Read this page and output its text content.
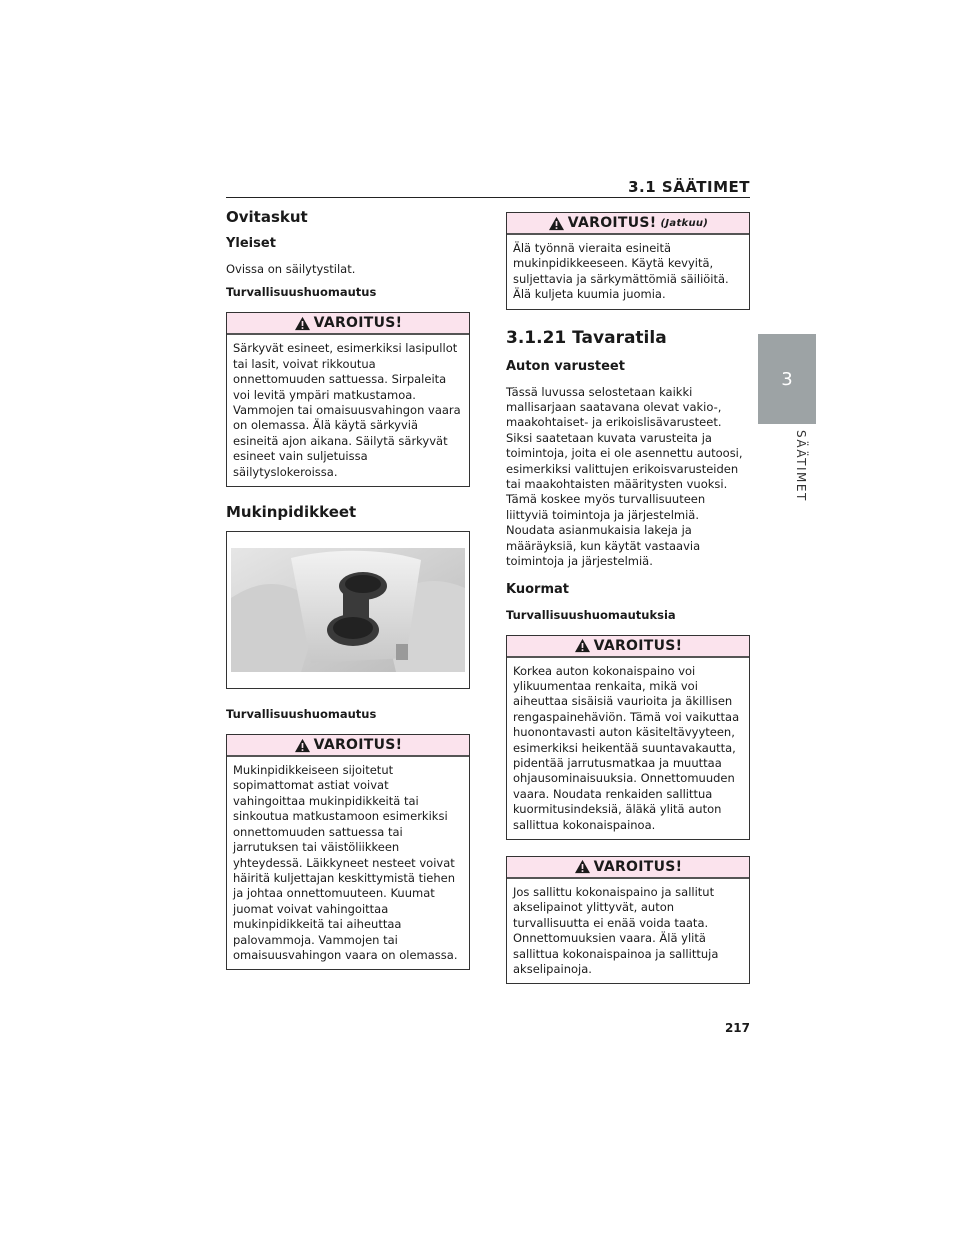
3.1 SÄÄTIMET
3
SÄÄTIMET
Ovitaskut
Yleiset

Ovissa on säilytystilat.

Turvallisuushuomautus
VAROITUS!
Särkyvät esineet, esimerkiksi lasipullot tai lasit, voivat rikkoutua onnettomuuden sattuessa. Sirpaleita voi levitä ympäri matkustamoa. Vammojen tai omaisuusvahingon vaara on olemassa. Älä käytä särkyviä esineitä ajon aikana. Säilytä särkyvät esineet vain suljetuissa säilytyslokeroissa.
Mukinpidikkeet
Turvallisuushuomautus
VAROITUS!
Mukinpidikkeiseen sijoitetut sopimattomat astiat voivat vahingoittaa mukinpidikkeitä tai sinkoutua matkustamoon esimerkiksi onnettomuuden sattuessa tai jarrutuksen tai väistöliikkeen yhteydessä. Läikkyneet nesteet voivat häiritä kuljettajan keskittymistä tiehen ja johtaa onnettomuuteen. Kuumat juomat voivat vahingoittaa mukinpidikkeitä tai aiheuttaa palovammoja. Vammojen tai omaisuusvahingon vaara on olemassa.
VAROITUS! (Jatkuu)
Älä työnnä vieraita esineitä mukinpidikkeeseen. Käytä kevyitä, suljettavia ja särkymättömiä säiliöitä. Älä kuljeta kuumia juomia.
3.1.21 Tavaratila
Auton varusteet

Tässä luvussa selostetaan kaikki mallisarjaan saatavana olevat vakio-, maakohtaiset- ja erikoislisävarusteet. Siksi saatetaan kuvata varusteita ja toimintoja, joita ei ole asennettu autoosi, esimerkiksi valittujen erikoisvarusteiden tai maakohtaisten määritysten vuoksi. Tämä koskee myös turvallisuuteen liittyviä toimintoja ja järjestelmiä. Noudata asianmukaisia lakeja ja määräyksiä, kun käytät vastaavia toimintoja ja järjestelmiä.

Kuormat
Turvallisuushuomautuksia
VAROITUS!
Korkea auton kokonaispaino voi ylikuumentaa renkaita, mikä voi aiheuttaa sisäisiä vaurioita ja äkillisen rengaspaineh​äviön. Tämä voi vaikuttaa huonontavasti auton käsiteltävyyteen, esimerkiksi heikentää suuntavakautta, pidentää jarrutusmatkaa ja muuttaa ohjausominaisuuksia. Onnettomuuden vaara. Noudata renkaiden sallittua kuormitusindeksiä, äläkä ylitä auton sallittua kokonaispainoa.
VAROITUS!
Jos sallittu kokonaispaino ja sallitut akselipainot ylittyvät, auton turvallisuutta ei enää voida taata. Onnettomuuksien vaara. Älä ylitä sallittua kokonaispainoa ja sallittuja akselipainoja.
217
